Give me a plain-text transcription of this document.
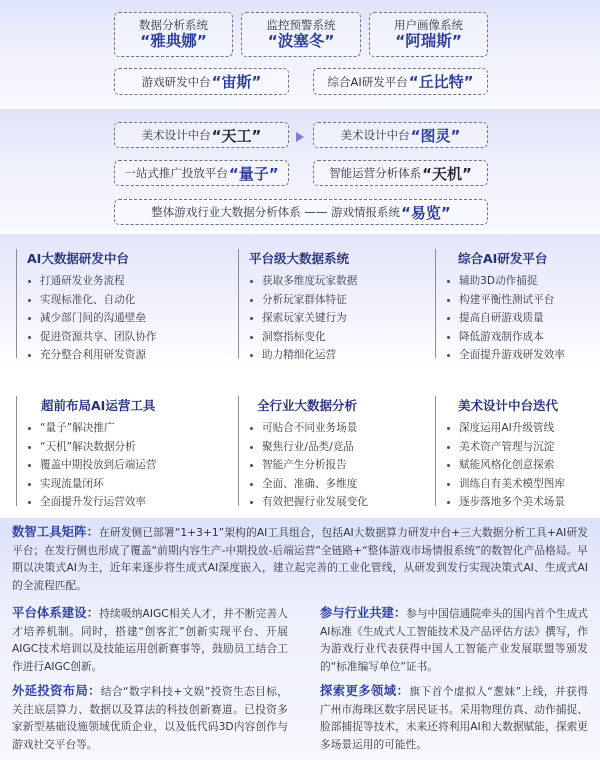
数据分析系统
“雅典娜”
监控预警系统
“波塞冬”
用户画像系统
“阿瑞斯”
游戏研发中台 “宙斯”	综合AI研发平台 “丘比特”
美术设计中台 “天工”	美术设计中台 “图灵”
一站式推广投放平台 “量子”	智能运营分析体系 “天机”
整体游戏行业大数据分析体系 —— 游戏情报系统 “易览”
AI大数据研发中台
打通研发业务流程
实现标准化、自动化
减少部门间的沟通壁垒
促进资源共享、团队协作
充分整合利用研发资源
平台级大数据系统
获取多维度玩家数据
分析玩家群体特征
探索玩家关键行为
洞察指标变化
助力精细化运营
综合AI研发平台
辅助3D动作捕捉
构建平衡性测试平台
提高自研游戏质量
降低游戏制作成本
全面提升游戏研发效率
超前布局AI运营工具
“量子”解决推广
“天机”解决数据分析
覆盖中期投放到后端运营
实现流量闭环
全面提升发行运营效率
全行业大数据分析
可贴合不同业务场景
聚焦行业/品类/竞品
智能产生分析报告
全面、准确、多维度
有效把握行业发展变化
美术设计中台迭代
深度运用AI升级管线
美术资产管理与沉淀
赋能风格化创意探索
训练自有美术模型图库
逐步落地多个美术场景

数智工具矩阵：在研发侧已部署“1+3+1”架构的AI工具组合，包括AI大数据算力研发中台+三大数据分析工具+AI研发平台；在发行侧也形成了覆盖“前期内容生产-中期投放-后端运营”全链路+“整体游戏市场情报系统”的数智化产品格局。早期以决策式AI为主，近年来逐步将生成式AI深度嵌入，建立起完善的工业化管线，从研发到发行实现决策式AI、生成式AI的全流程匹配。

平台体系建设：持续吸纳AIGC相关人才，并不断完善人才培养机制。同时，搭建“创客汇”创新实现平台、开展AIGC技术培训以及技能运用创新赛事等，鼓励员工结合工作进行AIGC创新。

参与行业共建：参与中国信通院牵头的国内首个生成式AI标准《生成式人工智能技术及产品评估方法》撰写，作为游戏行业代表获得中国人工智能产业发展联盟等颁发的“标准编写单位”证书。

外延投资布局：结合“数字科技+文娱”投资生态目标，关注底层算力、数据以及算法的科技创新赛道。已投资多家新型基础设施领域优质企业，以及低代码3D内容创作与游戏社交平台等。

探索更多领域：旗下首个虚拟人“葱妹”上线，并获得广州市海珠区数字居民证书。采用物理仿真、动作捕捉、脸部捕捉等技术，未来还将利用AI和大数据赋能，探索更多场景运用的可能性。
